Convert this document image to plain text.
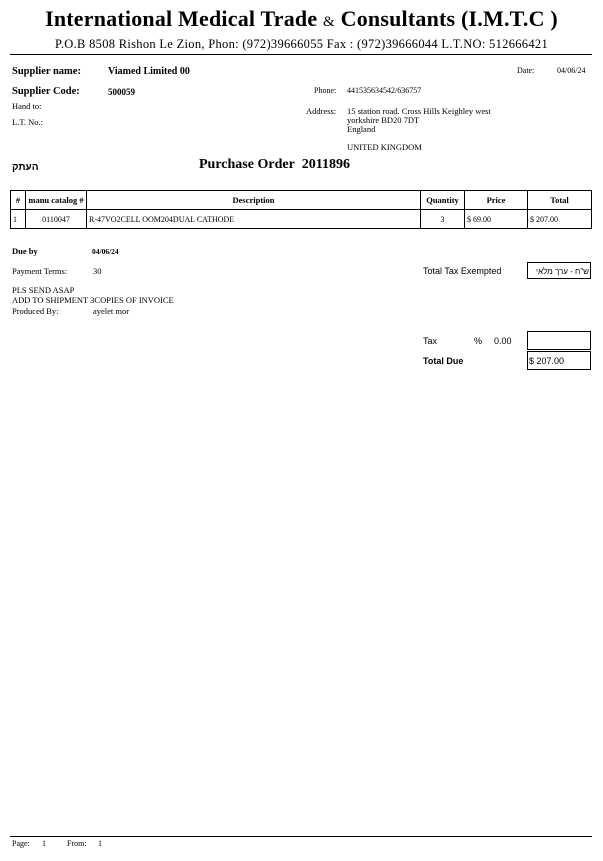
International Medical Trade & Consultants (I.M.T.C )
P.O.B 8508 Rishon Le Zion, Phon: (972)39666055 Fax : (972)39666044 L.T.NO: 512666421
Supplier name:	Viamed Limited 00
Supplier Code:	500059
Hand to:
L.T. No.:
Date:	04/06/24
Phone: 441535634542/636757
Address: 15 station road. Cross Hills Keighley west
yorkshire BD20 7DT
England
UNITED KINGDOM
העתק	Purchase Order 2011896
#	manu catalog #	Description	Quantity	Price	Total
1	0110047	R-47VO2CELL OOM204DUAL CATHODE	3	$ 69.00	$ 207.00
Due by	04/06/24
Payment Terms:	30
PLS SEND ASAP
ADD TO SHIPMENT 3COPIES OF INVOICE
Produced By:	ayelet mor
Total Tax Exempted	ש"ח - ערך מלאי
Tax	% 0.00
Total Due	$ 207.00
Page: 1	From: 1
